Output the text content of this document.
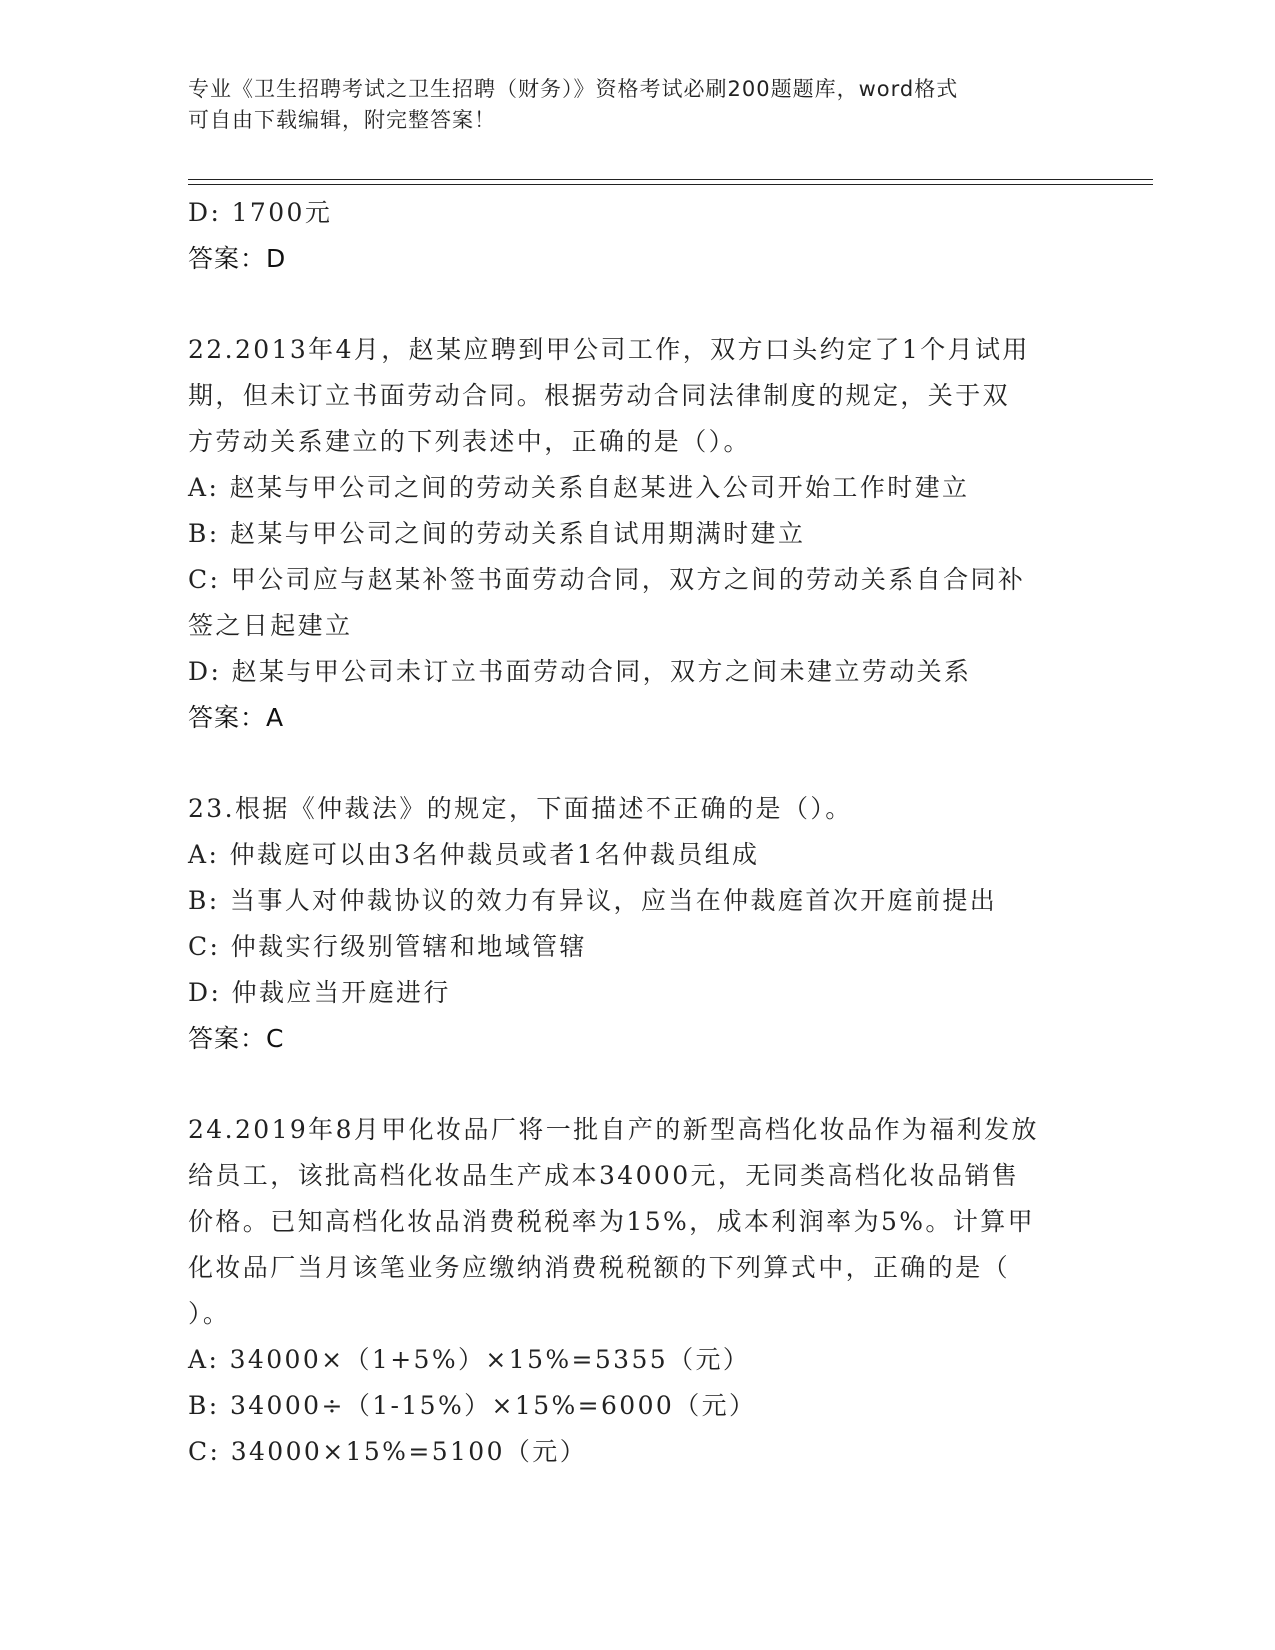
专业《卫生招聘考试之卫生招聘（财务）》资格考试必刷200题题库，word格式
可自由下载编辑，附完整答案！
D: 1700元
答案：D
22.2013年4月，赵某应聘到甲公司工作，双方口头约定了1个月试用
期，但未订立书面劳动合同。根据劳动合同法律制度的规定，关于双
方劳动关系建立的下列表述中，正确的是（）。
A: 赵某与甲公司之间的劳动关系自赵某进入公司开始工作时建立
B: 赵某与甲公司之间的劳动关系自试用期满时建立
C: 甲公司应与赵某补签书面劳动合同，双方之间的劳动关系自合同补
签之日起建立
D: 赵某与甲公司未订立书面劳动合同，双方之间未建立劳动关系
答案：A
23.根据《仲裁法》的规定，下面描述不正确的是（）。
A: 仲裁庭可以由3名仲裁员或者1名仲裁员组成
B: 当事人对仲裁协议的效力有异议，应当在仲裁庭首次开庭前提出
C: 仲裁实行级别管辖和地域管辖
D: 仲裁应当开庭进行
答案：C
24.2019年8月甲化妆品厂将一批自产的新型高档化妆品作为福利发放
给员工，该批高档化妆品生产成本34000元，无同类高档化妆品销售
价格。已知高档化妆品消费税税率为15%，成本利润率为5%。计算甲
化妆品厂当月该笔业务应缴纳消费税税额的下列算式中，正确的是（
）。
A: 34000×（1+5%）×15%=5355（元）
B: 34000÷（1-15%）×15%=6000（元）
C: 34000×15%=5100（元）
